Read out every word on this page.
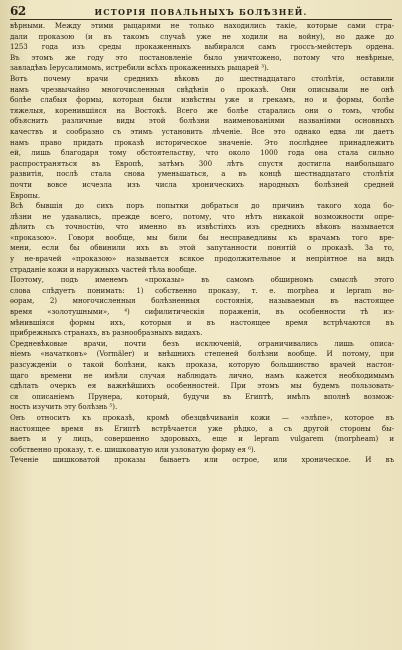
62	ИСТОРІЯ ПОВАЛЬНЫХЪ БОЛѢЗНЕЙ.
вѣрными. Между этими рыцарями не только находились такіе, которые сами стра-
дали проказою (и въ такомъ случаѣ уже не ходили на войну), но даже до
1253 года изъ среды прокаженныхъ выбирался самъ гроссъ-мейстеръ ордена.
Въ этомъ же году это постановленіе было уничтожено, потому что невѣрные,
завладѣвъ Іерусалимомъ, истребили всѣхъ прокаженныхъ рыцарей ³).
Вотъ почему врачи среднихъ вѣковъ до шестнадцатаго столѣтія, оставили
намъ чрезвычайно многочисленныя свѣдѣнія о проказѣ. Они описывали не онѣ
болѣе слабыя формы, которыя были извѣстны уже и грекамъ, но и формы, болѣе
тяжелыя, коренившіяся на Востокѣ. Всего же болѣе старались они о томъ, чтобы
объяснить различные виды этой болѣзни наименованіями названіями основныхъ
качествъ и сообразно съ этимъ установить лѣченіе. Все это однако едва ли даетъ
намъ право придать проказѣ историческое значеніе. Это послѣднее принадлежитъ
ей, лишь благодаря тому обстоятельству, что около 1000 года она стала сильно
распространяться въ Европѣ, затѣмъ 300 лѣтъ спустя достигла наибольшаго
развитія, послѣ стала снова уменьшаться, а въ концѣ шестнадцатаго столѣтія
почти вовсе исчезла изъ числа хроническихъ народныхъ болѣзней средней
Европы.
Всѣ бывшія до сихъ поръ попытки добраться до причинъ такого хода бо-
лѣзни не удавались, прежде всего, потому, что нѣтъ никакой возможности опре-
дѣлить съ точностію, что именно въ извѣстіяхъ изъ среднихъ вѣковъ называется
«проказою». Говоря вообще, мы били бы несправедливы къ врачамъ того вре-
мени, если бы обвинили ихъ въ этой запутанности понятій о проказѣ. За то,
у не-врачей «проказою» называется всякое продолжительное и непріятное на видъ
страданіе кожи и наружныхъ частей тѣла вообще.
Поэтому, подъ именемъ «проказы» въ самомъ обширномъ смыслѣ этого
слова слѣдуетъ понимать: 1) собственно проказу, т. е. morphea и lepram но-
ѳорам, 2) многочисленныя болѣзненныя состоянія, называемыя въ настоящее
время «золотушными», ⁴) сифилитическія пораженія, въ особенности тѣ из-
мѣнившіяся формы ихъ, которыя и въ настоящее время встрѣчаются въ
прибрежныхъ странахъ, въ разнообразныхъ видахъ.
Средневѣковые врачи, почти безъ исключеній, ограничивались лишь описа-
ніемъ «начатковъ» (Vormäler) и внѣшнихъ степеней болѣзни вообще. И потому, при
разсужденіи о такой болѣзни, какъ проказа, которую большинство врачей настоя-
щаго времени не имѣли случая наблюдать лично, намъ кажется необходимымъ
сдѣлать очеркъ ея важнѣйшихъ особенностей. При этомъ мы будемъ пользовать-
ся описаніемъ Прунера, который, будучи въ Египтѣ, имѣлъ вполнѣ возмож-
ность изучить эту болѣзнь ⁵).
Онъ относитъ къ проказѣ, кромѣ обезцвѣчиванія кожи — «элѣпе», которое въ
настоящее время въ Египтѣ встрѣчается уже рѣдко, а съ другой стороны бы-
ваетъ и у лицъ, совершенно здоровыхъ, еще и lepram vulgarem (morpheam) и
собственно проказу, т. е. шишковатую или узловатую форму ея ⁶).
Теченіе шишковатой проказы бываетъ или острое, или хроническое. И въ
